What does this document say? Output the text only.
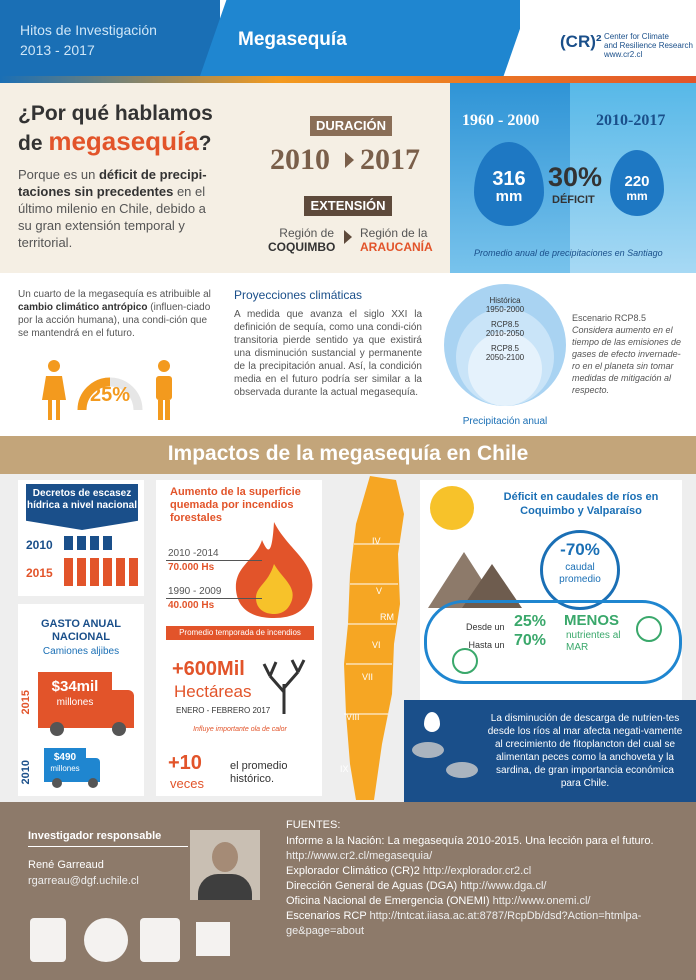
Hitos de Investigación
2013 - 2017	Megasequía	(CR)² Center for Climate
and Resilience Research
www.cr2.cl
¿Por qué hablamos
de megasequía?
Porque es un déficit de precipi-taciones sin precedentes en el último milenio en Chile, debido a su gran extensión temporal y territorial.
DURACIÓN
2010 2017
EXTENSIÓN
Región de
COQUIMBO
Región de la
ARAUCANÍA
1960 - 2000	2010-2017
316
mm
30%
DÉFICIT
220
mm
Promedio anual de precipitaciones en Santiago
Un cuarto de la megasequía es atribuible al cambio climático antrópico (influen-ciado por la acción humana), una condi-ción que se mantendrá en el futuro.
25%
Proyecciones climáticas
A medida que avanza el siglo XXI la definición de sequía, como una condi-ción transitoria pierde sentido ya que existirá una disminución sustancial y permanente de la precipitación anual. Así, la condición media en el futuro podría ser similar a la observada durante la actual megasequía.
Histórica
1950-2000
RCP8.5
2010-2050
RCP8.5
2050-2100
Precipitación anual
Escenario RCP8.5
Considera aumento en el tiempo de las emisiones de gases de efecto invernade-ro en el planeta sin tomar medidas de mitigación al respecto.
Impactos de la megasequía en Chile
Decretos de escasez hídrica a nivel nacional
2010
2015
GASTO ANUAL NACIONAL
Camiones aljibes
2015
$34mil
millones
2010
$490
millones
Aumento de la superficie quemada por incendios forestales
2010 -2014
70.000 Hs
1990 - 2009
40.000 Hs
Promedio temporada de incendios
+600Mil
Hectáreas
ENERO - FEBRERO 2017
Influye importante ola de calor
+10
veces
el promedio histórico.
IV
V
RM
VI
VII
VIII
IX
Déficit en caudales de ríos en Coquimbo y Valparaíso
-70%
caudal promedio
Desde un
Hasta un
25%
70%
MENOS
nutrientes al MAR
La disminución de descarga de nutrien-tes desde los ríos al mar afecta negati-vamente al crecimiento de fitoplancton del cual se alimentan peces como la anchoveta y la sardina, de gran importancia económica para Chile.
Investigador responsable
René Garreaud
rgarreau@dgf.uchile.cl
FUENTES:
Informe a la Nación: La megasequía 2010-2015. Una lección para el futuro.
http://www.cr2.cl/megasequia/
Explorador Climático (CR)2 http://explorador.cr2.cl
Dirección General de Aguas (DGA) http://www.dga.cl/
Oficina Nacional de Emergencia (ONEMI) http://www.onemi.cl/
Escenarios RCP http://tntcat.iiasa.ac.at:8787/RcpDb/dsd?Action=htmlpa-ge&page=about
